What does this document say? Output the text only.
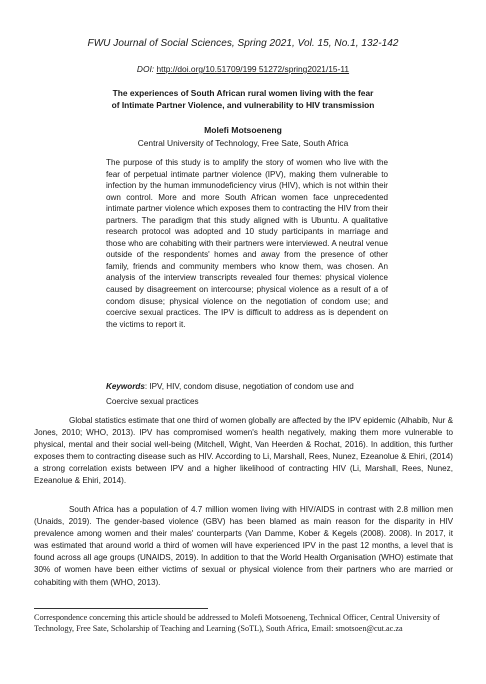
FWU Journal of Social Sciences, Spring 2021, Vol. 15, No.1, 132-142
DOI: http://doi.org/10.51709/199 51272/spring2021/15-11
The experiences of South African rural women living with the fear
of Intimate Partner Violence, and vulnerability to HIV transmission
Molefi Motsoeneng
Central University of Technology, Free Sate, South Africa

The purpose of this study is to amplify the story of women who live with the fear of perpetual intimate partner violence (IPV), making them vulnerable to infection by the human immunodeficiency virus (HIV), which is not within their own control. More and more South African women face unprecedented intimate partner violence which exposes them to contracting the HIV from their partners. The paradigm that this study aligned with is Ubuntu. A qualitative research protocol was adopted and 10 study participants in marriage and those who are cohabiting with their partners were interviewed. A neutral venue outside of the respondents' homes and away from the presence of other family, friends and community members who know them, was chosen. An analysis of the interview transcripts revealed four themes: physical violence caused by disagreement on intercourse; physical violence as a result of a of condom disuse; physical violence on the negotiation of condom use; and coercive sexual practices. The IPV is difficult to address as is dependent on the victims to report it.

Keywords: IPV, HIV, condom disuse, negotiation of condom use and Coercive sexual practices

Global statistics estimate that one third of women globally are affected by the IPV epidemic (Alhabib, Nur & Jones, 2010; WHO, 2013). IPV has compromised women's health negatively, making them more vulnerable to physical, mental and their social well-being (Mitchell, Wight, Van Heerden & Rochat, 2016). In addition, this further exposes them to contracting disease such as HIV. According to Li, Marshall, Rees, Nunez, Ezeanolue & Ehiri, (2014) a strong correlation exists between IPV and a higher likelihood of contracting HIV (Li, Marshall, Rees, Nunez, Ezeanolue & Ehiri, 2014).

South Africa has a population of 4.7 million women living with HIV/AIDS in contrast with 2.8 million men (Unaids, 2019). The gender-based violence (GBV) has been blamed as main reason for the disparity in HIV prevalence among women and their males' counterparts (Van Damme, Kober & Kegels (2008). 2008). In 2017, it was estimated that around world a third of women will have experienced IPV in the past 12 months, a level that is found across all age groups (UNAIDS, 2019). In addition to that the World Health Organisation (WHO) estimate that 30% of women have been either victims of sexual or physical violence from their partners who are married or cohabiting with them (WHO, 2013).

Correspondence concerning this article should be addressed to Molefi Motsoeneng, Technical Officer, Central University of Technology, Free Sate, Scholarship of Teaching and Learning (SoTL), South Africa, Email: smotsoen@cut.ac.za
